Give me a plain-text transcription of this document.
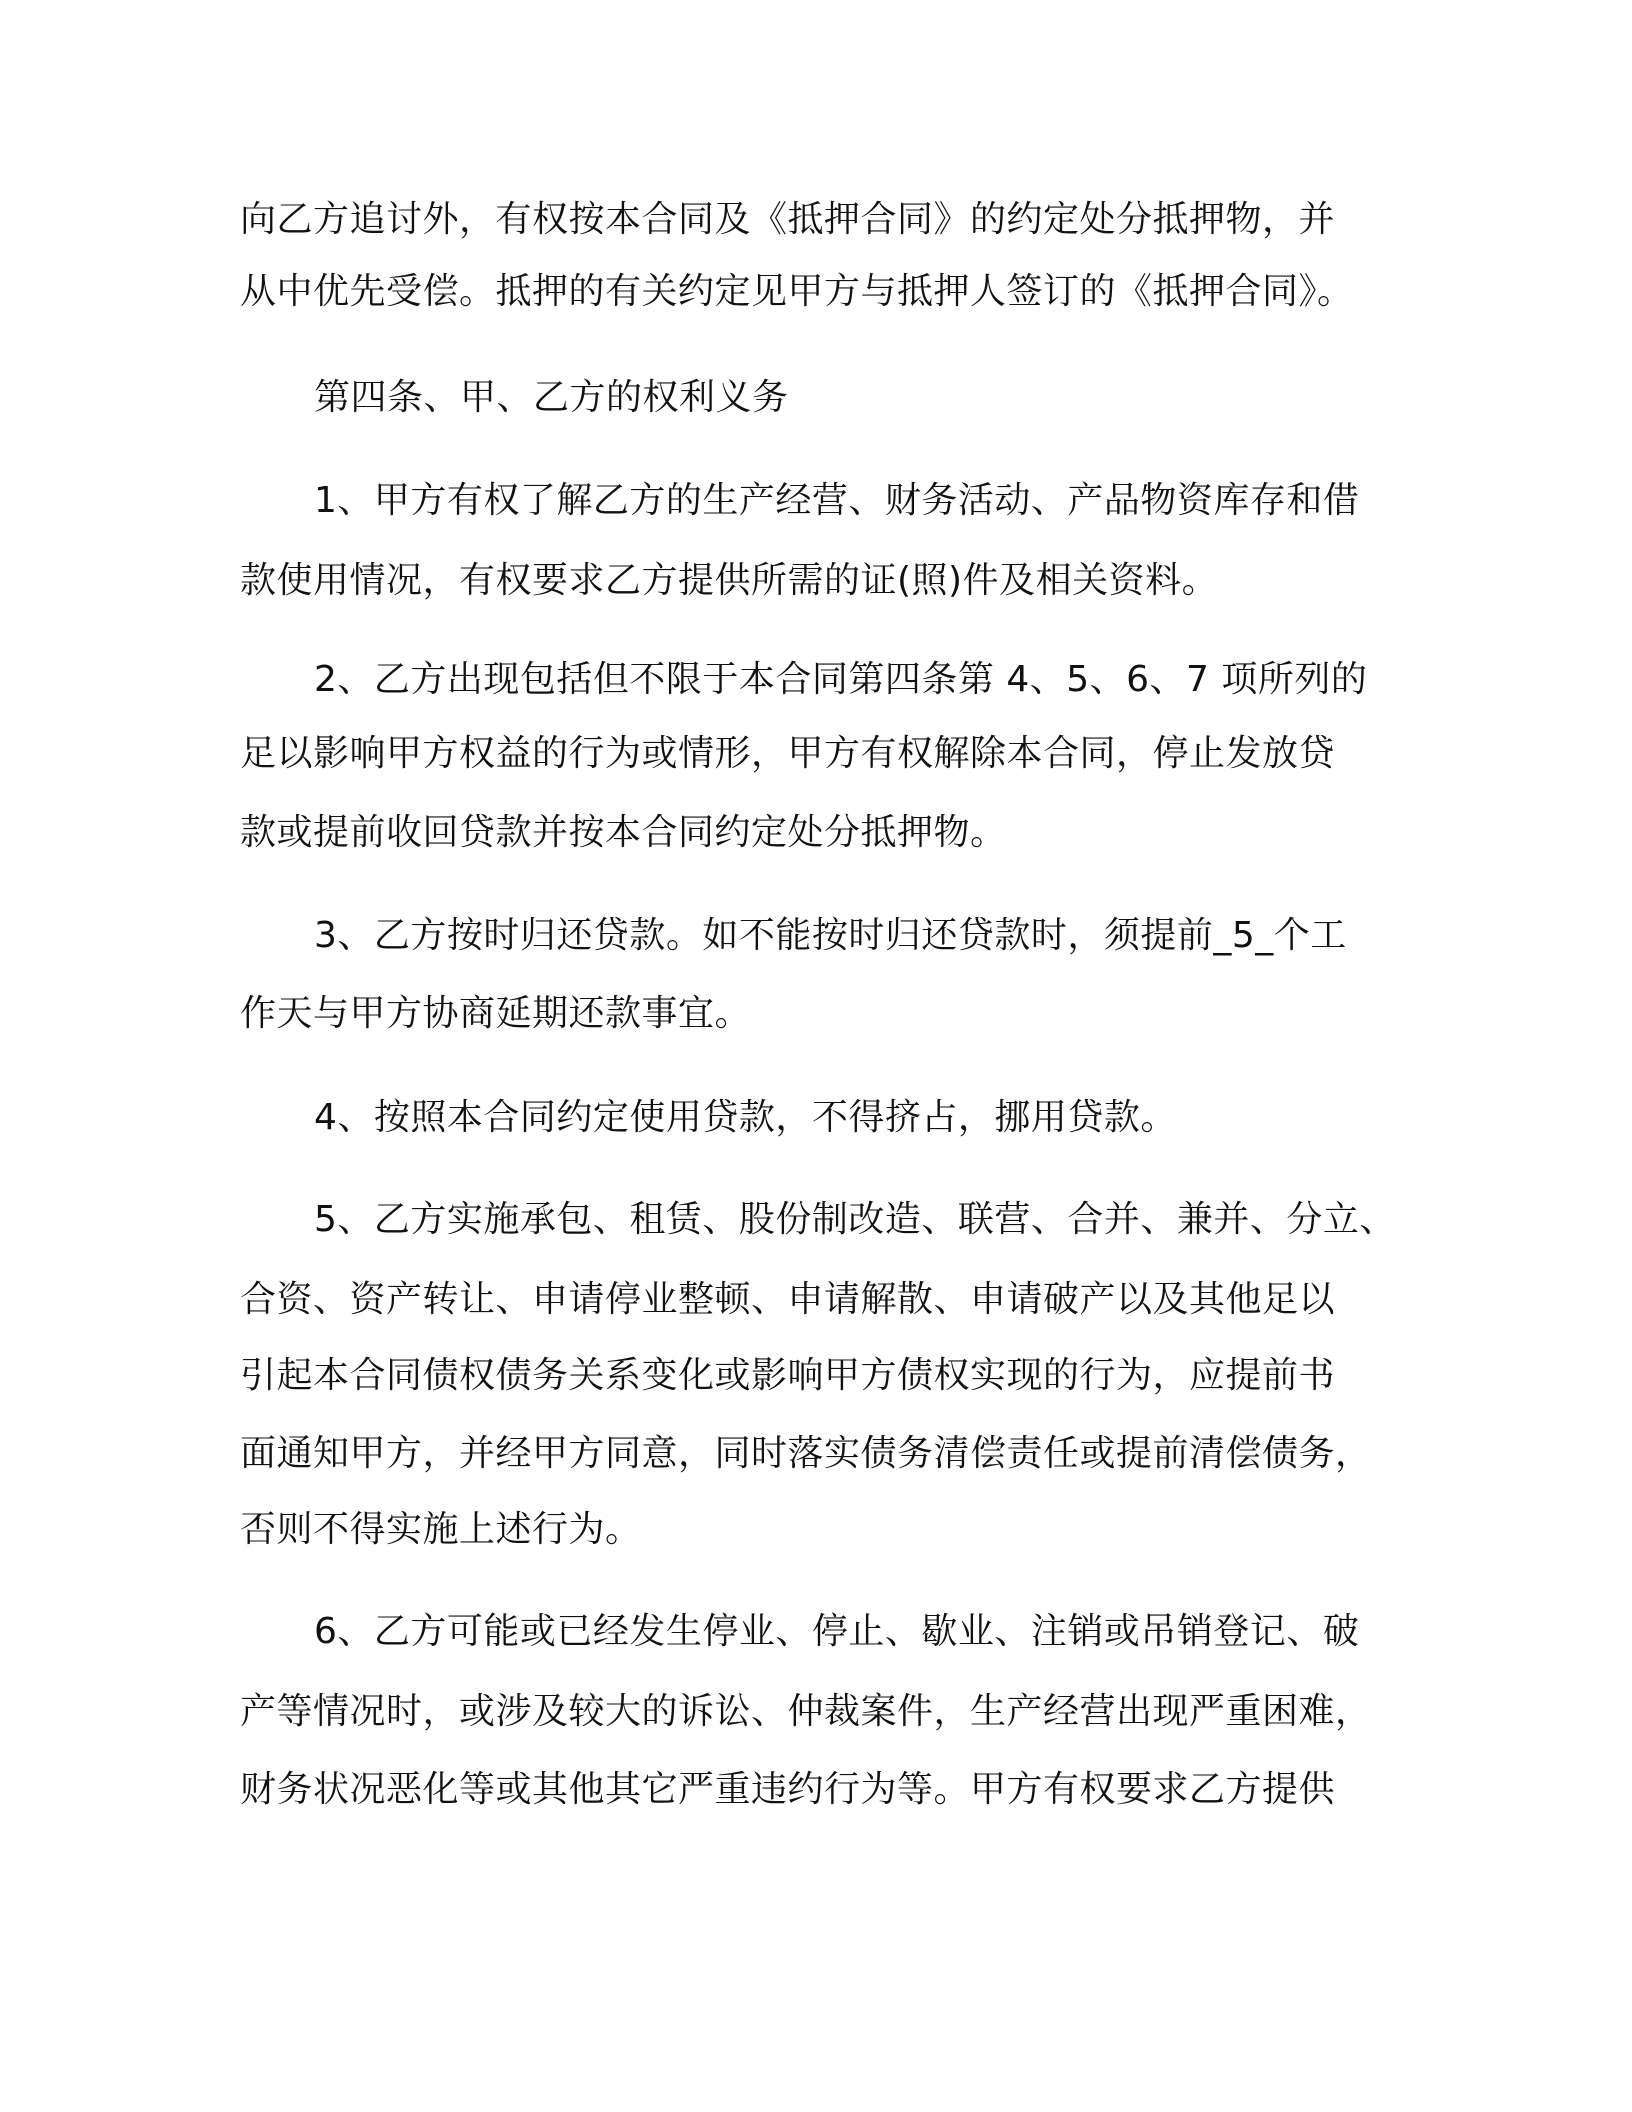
向乙方追讨外，有权按本合同及《抵押合同》的约定处分抵押物，并
从中优先受偿。抵押的有关约定见甲方与抵押人签订的《抵押合同》。
第四条、甲、乙方的权利义务
1、甲方有权了解乙方的生产经营、财务活动、产品物资库存和借
款使用情况，有权要求乙方提供所需的证(照)件及相关资料。
2、乙方出现包括但不限于本合同第四条第 4、5、6、7 项所列的
足以影响甲方权益的行为或情形，甲方有权解除本合同，停止发放贷
款或提前收回贷款并按本合同约定处分抵押物。
3、乙方按时归还贷款。如不能按时归还贷款时，须提前_5_个工
作天与甲方协商延期还款事宜。
4、按照本合同约定使用贷款，不得挤占，挪用贷款。
5、乙方实施承包、租赁、股份制改造、联营、合并、兼并、分立、
合资、资产转让、申请停业整顿、申请解散、申请破产以及其他足以
引起本合同债权债务关系变化或影响甲方债权实现的行为，应提前书
面通知甲方，并经甲方同意，同时落实债务清偿责任或提前清偿债务，
否则不得实施上述行为。
6、乙方可能或已经发生停业、停止、歇业、注销或吊销登记、破
产等情况时，或涉及较大的诉讼、仲裁案件，生产经营出现严重困难，
财务状况恶化等或其他其它严重违约行为等。甲方有权要求乙方提供
